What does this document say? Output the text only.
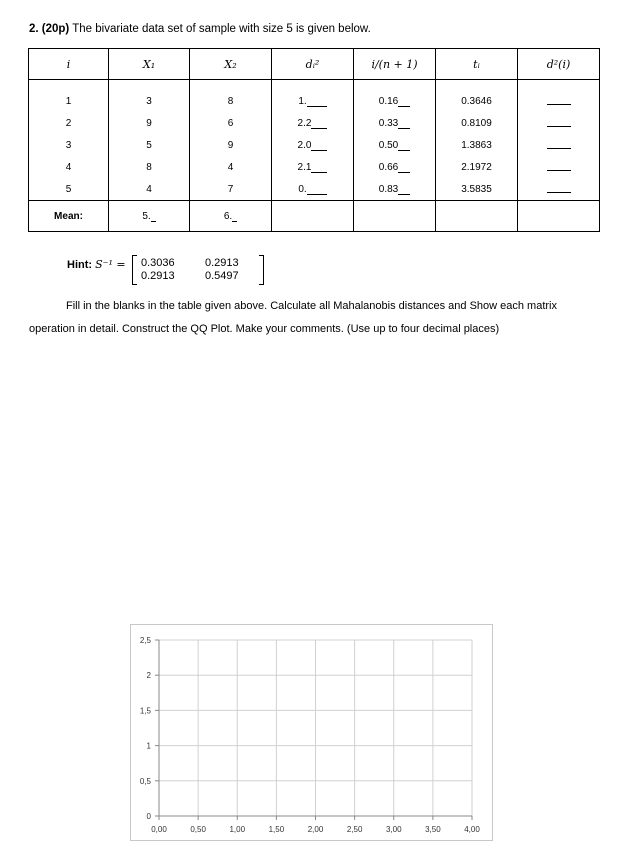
2. (20p) The bivariate data set of sample with size 5 is given below.
i	X₁	X₂	dᵢ²	i/(n + 1)	tᵢ	d²(i)

1	3	8	1.	0.16	0.3646	
2	9	6	2.2	0.33	0.8109	
3	5	9	2.0	0.50	1.3863	
4	8	4	2.1	0.66	2.1972	
5	4	7	0.	0.83	3.5835	
Mean:	5.	6.				
Hint: S⁻¹ = 0.3036	0.2913
0.2913	0.5497
Fill in the blanks in the table given above. Calculate all Mahalanobis distances and Show each matrix
operation in detail. Construct the QQ Plot. Make your comments. (Use up to four decimal places)
0,00	0,50	1,00	1,50	2,00	2,50	3,00	3,50	4,00
0
0,5
1
1,5
2
2,5
